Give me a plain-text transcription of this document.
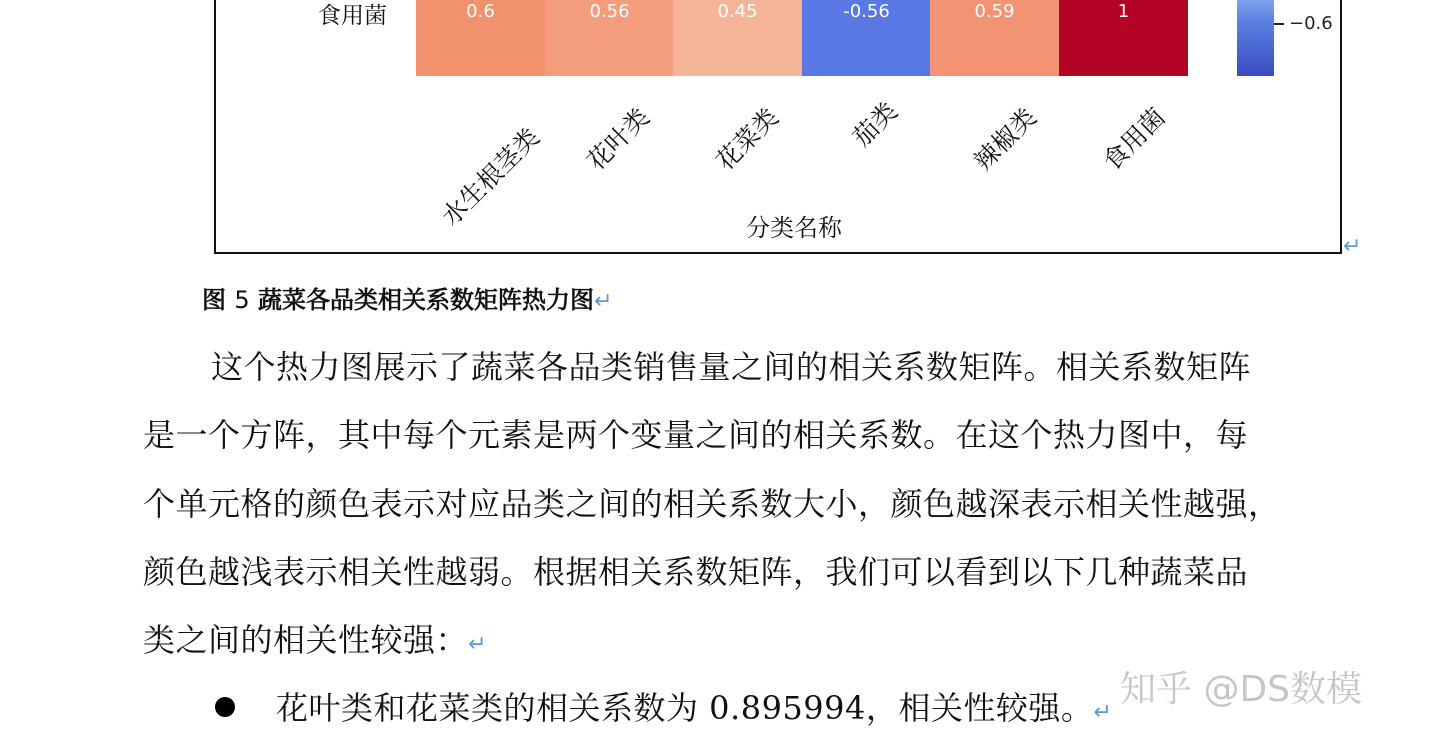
食用菌	0.6	0.56	0.45	-0.56	0.59	1
−0.6
水生根茎类	花叶类	花菜类	茄类	辣椒类	食用菌
分类名称
↵
图 5 蔬菜各品类相关系数矩阵热力图↵
这个热力图展示了蔬菜各品类销售量之间的相关系数矩阵。相关系数矩阵
是一个方阵，其中每个元素是两个变量之间的相关系数。在这个热力图中，每
个单元格的颜色表示对应品类之间的相关系数大小，颜色越深表示相关性越强，
颜色越浅表示相关性越弱。根据相关系数矩阵，我们可以看到以下几种蔬菜品
类之间的相关性较强：↵
花叶类和花菜类的相关系数为 0.895994，相关性较强。↵
知乎 @DS数模
